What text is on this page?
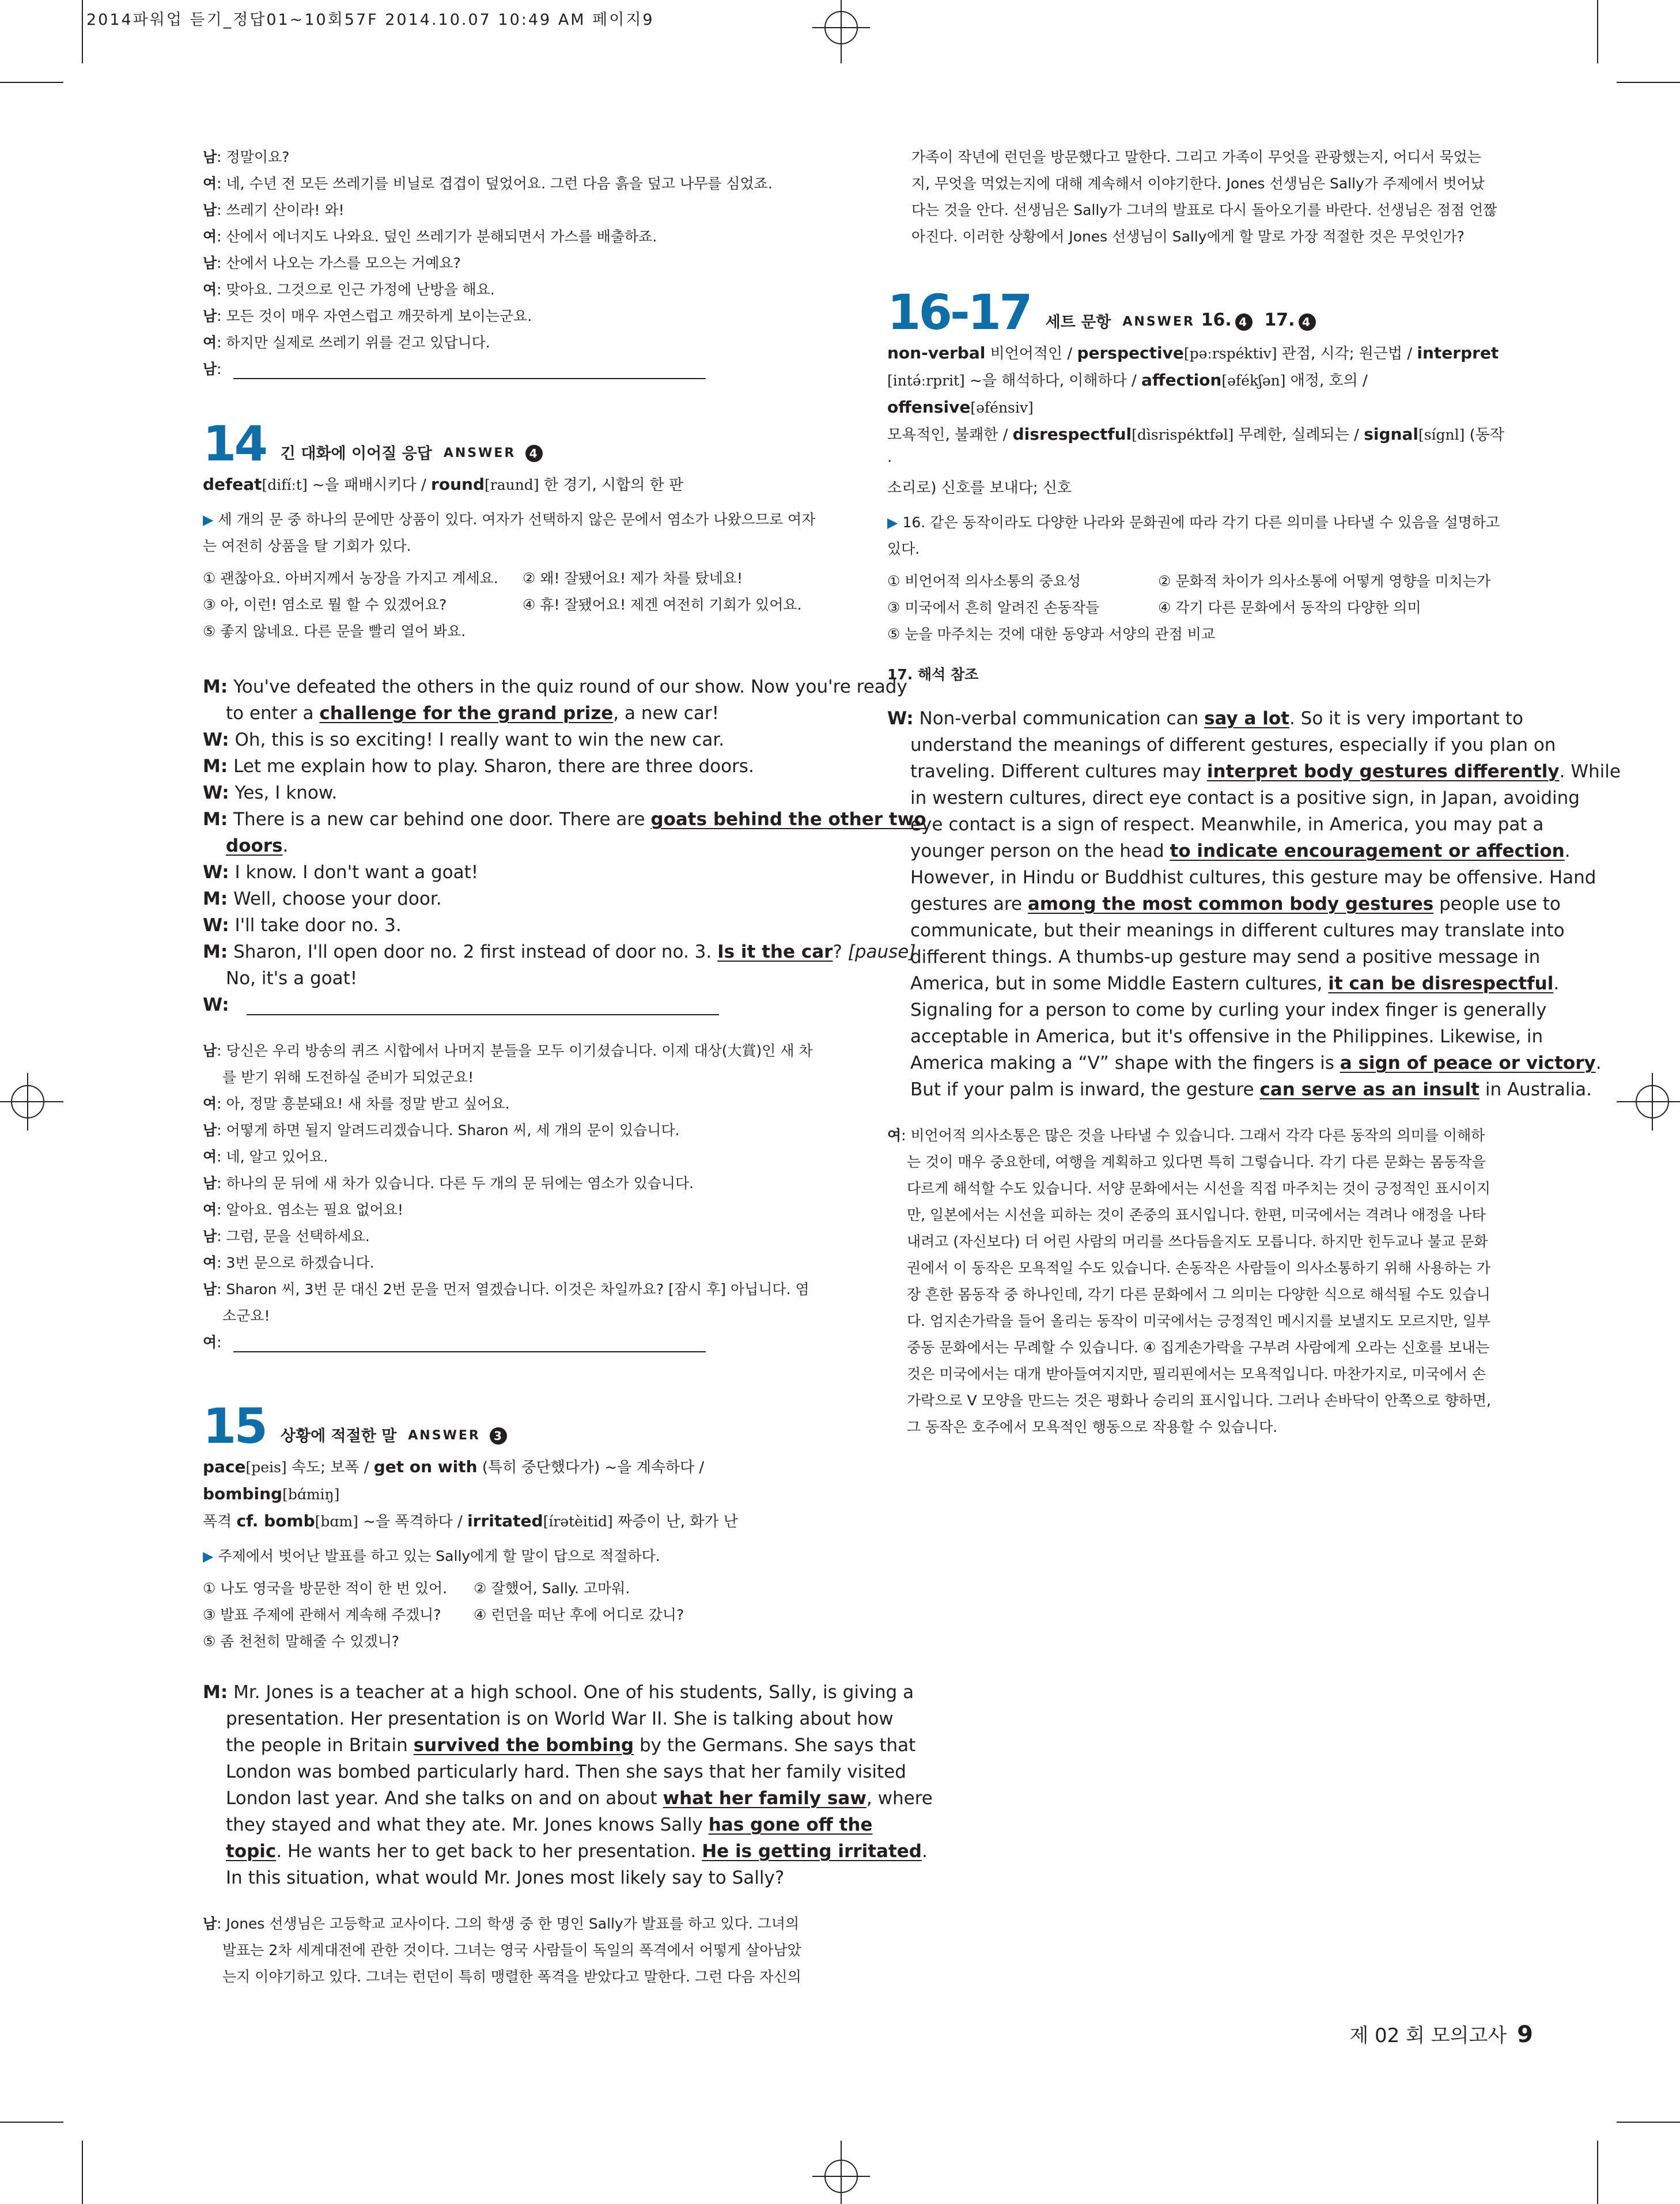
2014파워업 듣기_정답01~10회57F 2014.10.07 10:49 AM 페이지9
남: 정말이요?
여: 네, 수년 전 모든 쓰레기를 비닐로 겹겹이 덮었어요. 그런 다음 흙을 덮고 나무를 심었죠.
남: 쓰레기 산이라! 와!
여: 산에서 에너지도 나와요. 덮인 쓰레기가 분해되면서 가스를 배출하죠.
남: 산에서 나오는 가스를 모으는 거예요?
여: 맞아요. 그것으로 인근 가정에 난방을 해요.
남: 모든 것이 매우 자연스럽고 깨끗하게 보이는군요.
여: 하지만 실제로 쓰레기 위를 걷고 있답니다.
남:
14 긴 대화에 이어질 응답 ANSWER 4
defeat[difíːt] ~을 패배시키다 / round[raund] 한 경기, 시합의 한 판
▶ 세 개의 문 중 하나의 문에만 상품이 있다. 여자가 선택하지 않은 문에서 염소가 나왔으므로 여자
는 여전히 상품을 탈 기회가 있다.
① 괜찮아요. 아버지께서 농장을 가지고 계세요.	② 왜! 잘됐어요! 제가 차를 탔네요!
③ 아, 이런! 염소로 뭘 할 수 있겠어요?	④ 휴! 잘됐어요! 제겐 여전히 기회가 있어요.
⑤ 좋지 않네요. 다른 문을 빨리 열어 봐요.
M: You've defeated the others in the quiz round of our show. Now you're ready
to enter a challenge for the grand prize, a new car!
W: Oh, this is so exciting! I really want to win the new car.
M: Let me explain how to play. Sharon, there are three doors.
W: Yes, I know.
M: There is a new car behind one door. There are goats behind the other two
doors.
W: I know. I don't want a goat!
M: Well, choose your door.
W: I'll take door no. 3.
M: Sharon, I'll open door no. 2 first instead of door no. 3. Is it the car? [pause]
No, it's a goat!
W:
남: 당신은 우리 방송의 퀴즈 시합에서 나머지 분들을 모두 이기셨습니다. 이제 대상(大賞)인 새 차
를 받기 위해 도전하실 준비가 되었군요!
여: 아, 정말 흥분돼요! 새 차를 정말 받고 싶어요.
남: 어떻게 하면 될지 알려드리겠습니다. Sharon 씨, 세 개의 문이 있습니다.
여: 네, 알고 있어요.
남: 하나의 문 뒤에 새 차가 있습니다. 다른 두 개의 문 뒤에는 염소가 있습니다.
여: 알아요. 염소는 필요 없어요!
남: 그럼, 문을 선택하세요.
여: 3번 문으로 하겠습니다.
남: Sharon 씨, 3번 문 대신 2번 문을 먼저 열겠습니다. 이것은 차일까요? [잠시 후] 아닙니다. 염
소군요!
여:
15 상황에 적절한 말 ANSWER 3
pace[peis] 속도; 보폭 / get on with (특히 중단했다가) ~을 계속하다 / bombing[bɑ́miŋ]
폭격 cf. bomb[bɑm] ~을 폭격하다 / irritated[írətèitid] 짜증이 난, 화가 난
▶ 주제에서 벗어난 발표를 하고 있는 Sally에게 할 말이 답으로 적절하다.
① 나도 영국을 방문한 적이 한 번 있어.	② 잘했어, Sally. 고마워.
③ 발표 주제에 관해서 계속해 주겠니?	④ 런던을 떠난 후에 어디로 갔니?
⑤ 좀 천천히 말해줄 수 있겠니?
M: Mr. Jones is a teacher at a high school. One of his students, Sally, is giving a
presentation. Her presentation is on World War II. She is talking about how
the people in Britain survived the bombing by the Germans. She says that
London was bombed particularly hard. Then she says that her family visited
London last year. And she talks on and on about what her family saw, where
they stayed and what they ate. Mr. Jones knows Sally has gone off the
topic. He wants her to get back to her presentation. He is getting irritated.
In this situation, what would Mr. Jones most likely say to Sally?
남: Jones 선생님은 고등학교 교사이다. 그의 학생 중 한 명인 Sally가 발표를 하고 있다. 그녀의
발표는 2차 세계대전에 관한 것이다. 그녀는 영국 사람들이 독일의 폭격에서 어떻게 살아남았
는지 이야기하고 있다. 그녀는 런던이 특히 맹렬한 폭격을 받았다고 말한다. 그런 다음 자신의
가족이 작년에 런던을 방문했다고 말한다. 그리고 가족이 무엇을 관광했는지, 어디서 묵었는
지, 무엇을 먹었는지에 대해 계속해서 이야기한다. Jones 선생님은 Sally가 주제에서 벗어났
다는 것을 안다. 선생님은 Sally가 그녀의 발표로 다시 돌아오기를 바란다. 선생님은 점점 언짢
아진다. 이러한 상황에서 Jones 선생님이 Sally에게 할 말로 가장 적절한 것은 무엇인가?
16-17 세트 문항 ANSWER 16. 4 17. 4
non-verbal 비언어적인 / perspective[pəːrspéktiv] 관점, 시각; 원근법 / interpret
[intə́ːrprit] ~을 해석하다, 이해하다 / affection[əfékʃən] 애정, 호의 / offensive[əfénsiv]
모욕적인, 불쾌한 / disrespectful[dìsrispéktfəl] 무례한, 실례되는 / signal[sígnl] (동작 ·
소리로) 신호를 보내다; 신호
▶ 16. 같은 동작이라도 다양한 나라와 문화권에 따라 각기 다른 의미를 나타낼 수 있음을 설명하고
있다.
① 비언어적 의사소통의 중요성	② 문화적 차이가 의사소통에 어떻게 영향을 미치는가
③ 미국에서 흔히 알려진 손동작들	④ 각기 다른 문화에서 동작의 다양한 의미
⑤ 눈을 마주치는 것에 대한 동양과 서양의 관점 비교
17. 해석 참조
W: Non-verbal communication can say a lot. So it is very important to
understand the meanings of different gestures, especially if you plan on
traveling. Different cultures may interpret body gestures differently. While
in western cultures, direct eye contact is a positive sign, in Japan, avoiding
eye contact is a sign of respect. Meanwhile, in America, you may pat a
younger person on the head to indicate encouragement or affection.
However, in Hindu or Buddhist cultures, this gesture may be offensive. Hand
gestures are among the most common body gestures people use to
communicate, but their meanings in different cultures may translate into
different things. A thumbs-up gesture may send a positive message in
America, but in some Middle Eastern cultures, it can be disrespectful.
Signaling for a person to come by curling your index finger is generally
acceptable in America, but it's offensive in the Philippines. Likewise, in
America making a “V” shape with the fingers is a sign of peace or victory.
But if your palm is inward, the gesture can serve as an insult in Australia.
여: 비언어적 의사소통은 많은 것을 나타낼 수 있습니다. 그래서 각각 다른 동작의 의미를 이해하
는 것이 매우 중요한데, 여행을 계획하고 있다면 특히 그렇습니다. 각기 다른 문화는 몸동작을
다르게 해석할 수도 있습니다. 서양 문화에서는 시선을 직접 마주치는 것이 긍정적인 표시이지
만, 일본에서는 시선을 피하는 것이 존중의 표시입니다. 한편, 미국에서는 격려나 애정을 나타
내려고 (자신보다) 더 어린 사람의 머리를 쓰다듬을지도 모릅니다. 하지만 힌두교나 불교 문화
권에서 이 동작은 모욕적일 수도 있습니다. 손동작은 사람들이 의사소통하기 위해 사용하는 가
장 흔한 몸동작 중 하나인데, 각기 다른 문화에서 그 의미는 다양한 식으로 해석될 수도 있습니
다. 엄지손가락을 들어 올리는 동작이 미국에서는 긍정적인 메시지를 보낼지도 모르지만, 일부
중동 문화에서는 무례할 수 있습니다. ④ 집게손가락을 구부려 사람에게 오라는 신호를 보내는
것은 미국에서는 대개 받아들여지지만, 필리핀에서는 모욕적입니다. 마찬가지로, 미국에서 손
가락으로 V 모양을 만드는 것은 평화나 승리의 표시입니다. 그러나 손바닥이 안쪽으로 향하면,
그 동작은 호주에서 모욕적인 행동으로 작용할 수 있습니다.
제 02 회 모의고사 9
